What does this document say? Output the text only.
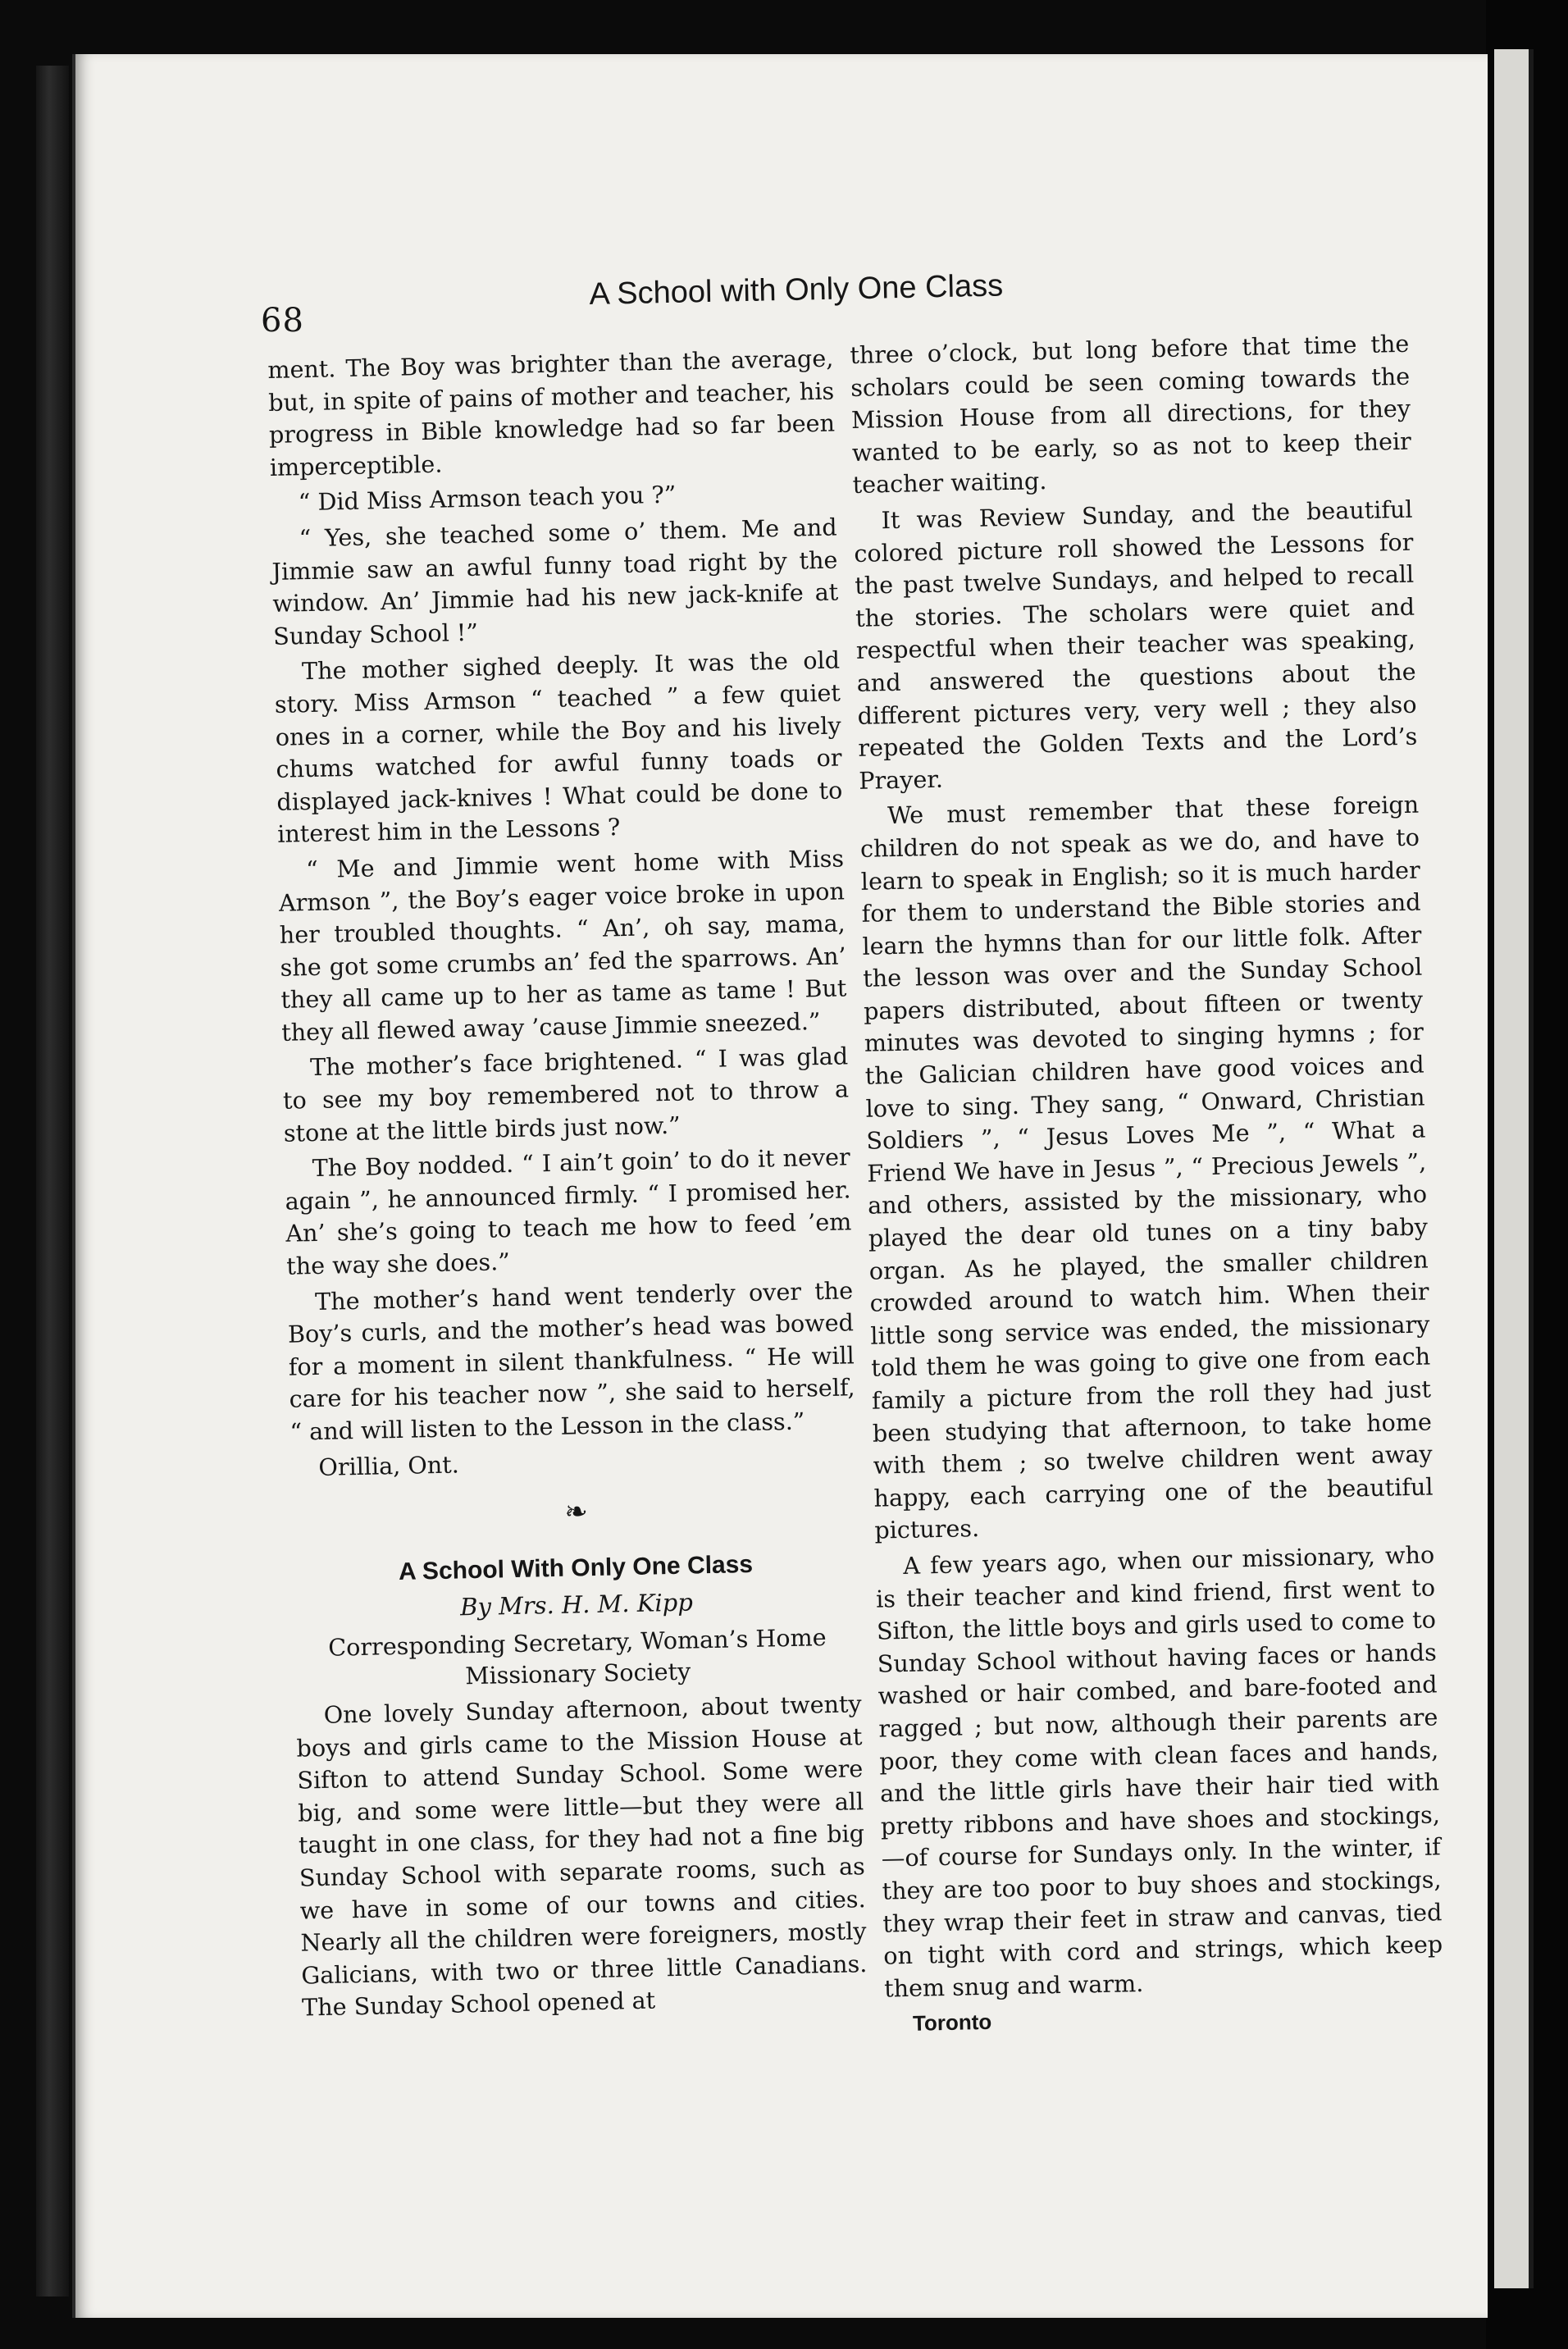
68
A School with Only One Class

ment. The Boy was brighter than the average, but, in spite of pains of mother and teacher, his progress in Bible knowledge had so far been imperceptible.

“ Did Miss Armson teach you ?”

“ Yes, she teached some o’ them. Me and Jimmie saw an awful funny toad right by the window. An’ Jimmie had his new jack-knife at Sunday School !”

The mother sighed deeply. It was the old story. Miss Armson “ teached ” a few quiet ones in a corner, while the Boy and his lively chums watched for awful funny toads or displayed jack-knives ! What could be done to interest him in the Lessons ?

“ Me and Jimmie went home with Miss Armson ”, the Boy’s eager voice broke in upon her troubled thoughts. “ An’, oh say, mama, she got some crumbs an’ fed the sparrows. An’ they all came up to her as tame as tame ! But they all flewed away ’cause Jimmie sneezed.”

The mother’s face brightened. “ I was glad to see my boy remembered not to throw a stone at the little birds just now.”

The Boy nodded. “ I ain’t goin’ to do it never again ”, he announced firmly. “ I promised her. An’ she’s going to teach me how to feed ’em the way she does.”

The mother’s hand went tenderly over the Boy’s curls, and the mother’s head was bowed for a moment in silent thankfulness. “ He will care for his teacher now ”, she said to herself, “ and will listen to the Lesson in the class.”

Orillia, Ont.
❧
A School With Only One Class
By Mrs. H. M. Kipp
Corresponding Secretary, Woman’s Home
Missionary Society

One lovely Sunday afternoon, about twenty boys and girls came to the Mission House at Sifton to attend Sunday School. Some were big, and some were little—but they were all taught in one class, for they had not a fine big Sunday School with separate rooms, such as we have in some of our towns and cities. Nearly all the children were foreigners, mostly Galicians, with two or three little Canadians. The Sunday School opened at

three o’clock, but long before that time the scholars could be seen coming towards the Mission House from all directions, for they wanted to be early, so as not to keep their teacher waiting.

It was Review Sunday, and the beautiful colored picture roll showed the Lessons for the past twelve Sundays, and helped to recall the stories. The scholars were quiet and respectful when their teacher was speaking, and answered the questions about the different pictures very, very well ; they also repeated the Golden Texts and the Lord’s Prayer.

We must remember that these foreign children do not speak as we do, and have to learn to speak in English; so it is much harder for them to understand the Bible stories and learn the hymns than for our little folk. After the lesson was over and the Sunday School papers distributed, about fifteen or twenty minutes was devoted to singing hymns ; for the Galician children have good voices and love to sing. They sang, “ Onward, Christian Soldiers ”, “ Jesus Loves Me ”, “ What a Friend We have in Jesus ”, “ Precious Jewels ”, and others, assisted by the missionary, who played the dear old tunes on a tiny baby organ. As he played, the smaller children crowded around to watch him. When their little song service was ended, the missionary told them he was going to give one from each family a picture from the roll they had just been studying that afternoon, to take home with them ; so twelve children went away happy, each carrying one of the beautiful pictures.

A few years ago, when our missionary, who is their teacher and kind friend, first went to Sifton, the little boys and girls used to come to Sunday School without having faces or hands washed or hair combed, and bare-footed and ragged ; but now, although their parents are poor, they come with clean faces and hands, and the little girls have their hair tied with pretty ribbons and have shoes and stockings,—of course for Sundays only. In the winter, if they are too poor to buy shoes and stockings, they wrap their feet in straw and canvas, tied on tight with cord and strings, which keep them snug and warm.

Toronto
